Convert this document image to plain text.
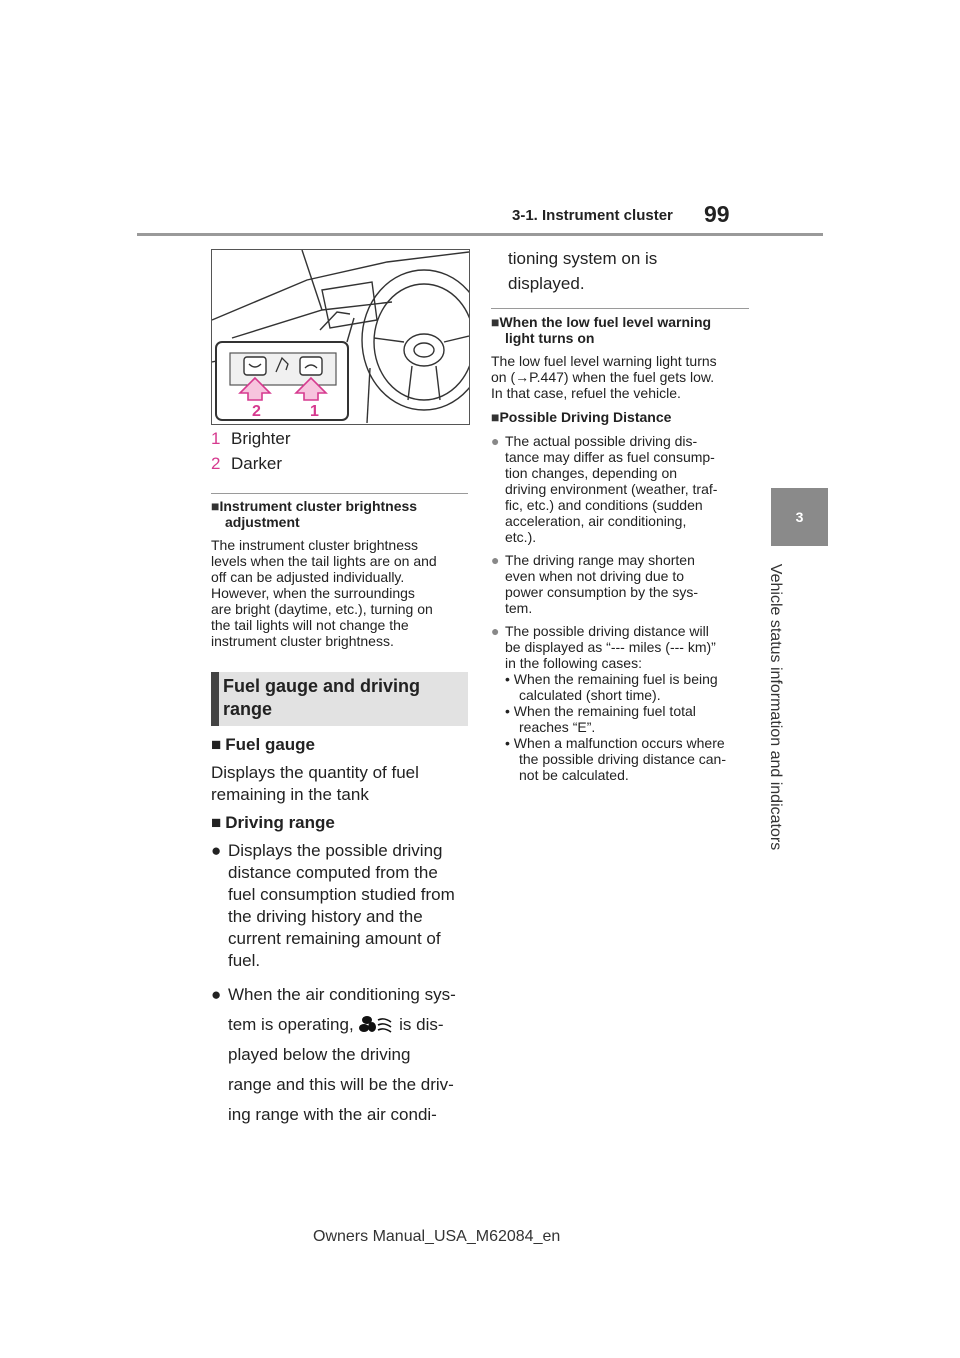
3-1. Instrument cluster 99
3
Vehicle status information and indicators
2	1
1 Brighter
2 Darker
■Instrument cluster brightness
adjustment
The instrument cluster brightness
levels when the tail lights are on and
off can be adjusted individually.
However, when the surroundings
are bright (daytime, etc.), turning on
the tail lights will not change the
instrument cluster brightness.
Fuel gauge and driving
range
■ Fuel gauge
Displays the quantity of fuel
remaining in the tank
■ Driving range
● Displays the possible driving
distance computed from the
fuel consumption studied from
the driving history and the
current remaining amount of
fuel.
● When the air conditioning sys-
tem is operating,	is dis-
played below the driving
range and this will be the driv-
ing range with the air condi-
tioning system on is
displayed.
■When the low fuel level warning
light turns on
The low fuel level warning light turns
on (→P.447) when the fuel gets low.
In that case, refuel the vehicle.
■Possible Driving Distance
● The actual possible driving dis-
tance may differ as fuel consump-
tion changes, depending on
driving environment (weather, traf-
fic, etc.) and conditions (sudden
acceleration, air conditioning,
etc.).
● The driving range may shorten
even when not driving due to
power consumption by the sys-
tem.
● The possible driving distance will
be displayed as “--- miles (--- km)”
in the following cases:
• When the remaining fuel is being
calculated (short time).
• When the remaining fuel total
reaches “E”.
• When a malfunction occurs where
the possible driving distance can-
not be calculated.
Owners Manual_USA_M62084_en
